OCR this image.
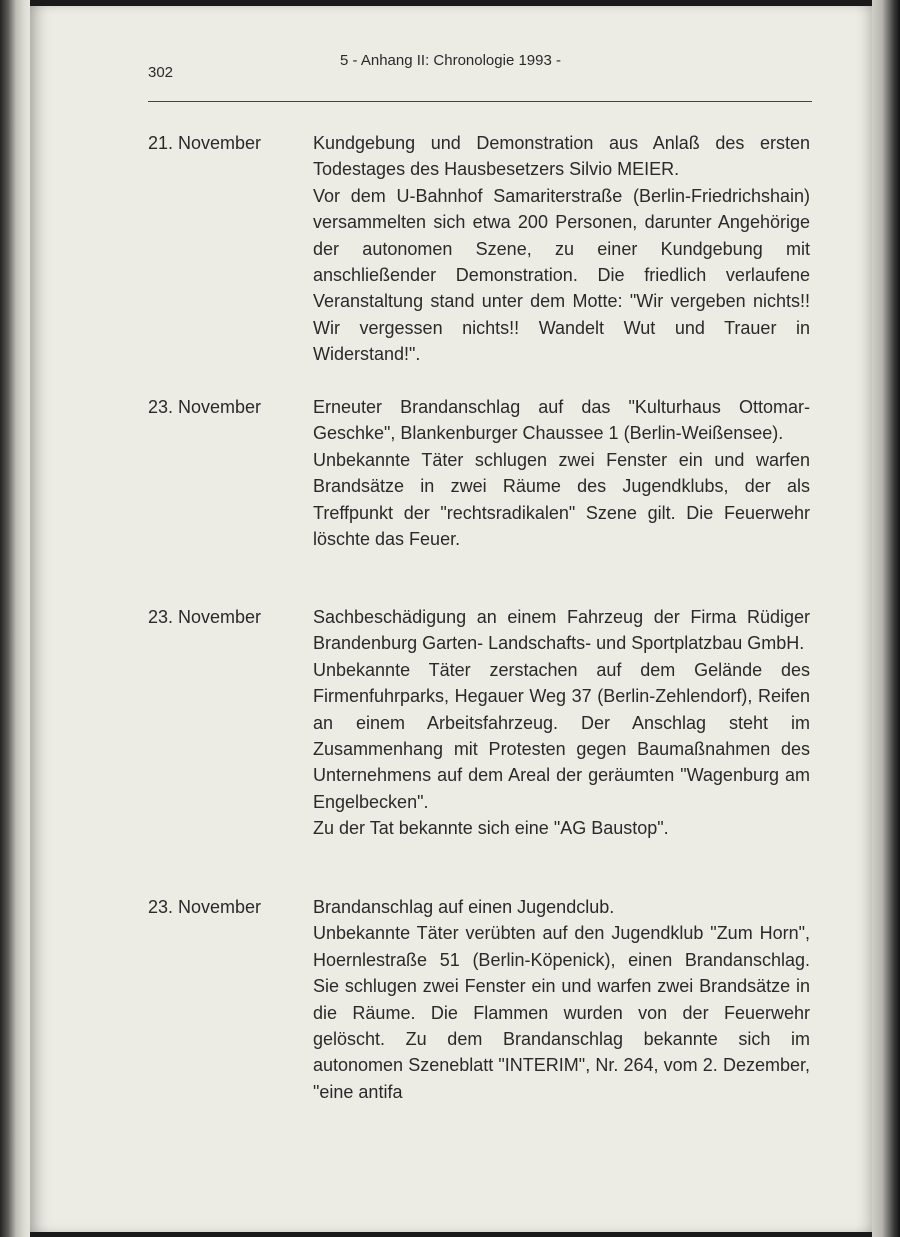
302
5 - Anhang II: Chronologie 1993 -
21. November	Kundgebung und Demonstration aus Anlaß des ersten Todestages des Hausbesetzers Silvio MEIER.

Vor dem U-Bahnhof Samariterstraße (Berlin-Friedrichshain) versammelten sich etwa 200 Personen, darunter Angehörige der autonomen Szene, zu einer Kundgebung mit anschließender Demonstration. Die friedlich verlaufene Veranstaltung stand unter dem Motte: "Wir vergeben nichts!! Wir vergessen nichts!! Wandelt Wut und Trauer in Widerstand!".

23. November	Erneuter Brandanschlag auf das "Kulturhaus Ottomar-Geschke", Blankenburger Chaussee 1 (Berlin-Weißensee).

Unbekannte Täter schlugen zwei Fenster ein und warfen Brandsätze in zwei Räume des Jugendklubs, der als Treffpunkt der "rechtsradikalen" Szene gilt. Die Feuerwehr löschte das Feuer.

23. November	Sachbeschädigung an einem Fahrzeug der Firma Rüdiger Brandenburg Garten- Landschafts- und Sportplatzbau GmbH.

Unbekannte Täter zerstachen auf dem Gelände des Firmenfuhrparks, Hegauer Weg 37 (Berlin-Zehlendorf), Reifen an einem Arbeitsfahrzeug. Der Anschlag steht im Zusammenhang mit Protesten gegen Baumaßnahmen des Unternehmens auf dem Areal der geräumten "Wagenburg am Engelbecken".

Zu der Tat bekannte sich eine "AG Baustop".

23. November	Brandanschlag auf einen Jugendclub.

Unbekannte Täter verübten auf den Jugendklub "Zum Horn", Hoernlestraße 51 (Berlin-Köpenick), einen Brandanschlag. Sie schlugen zwei Fenster ein und warfen zwei Brandsätze in die Räume. Die Flammen wurden von der Feuerwehr gelöscht. Zu dem Brandanschlag bekannte sich im autonomen Szeneblatt "INTERIM", Nr. 264, vom 2. Dezember, "eine antifa
